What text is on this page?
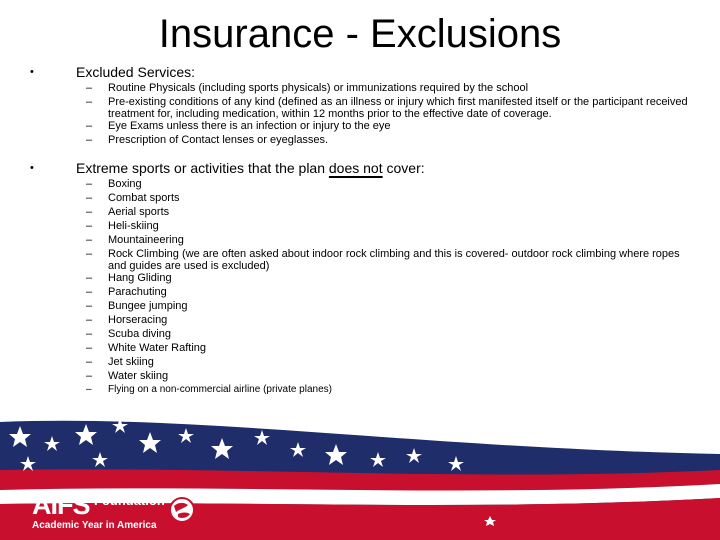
Insurance - Exclusions
•	Excluded Services:
– Routine Physicals (including sports physicals) or immunizations required by the school
– Pre-existing conditions of any kind (defined as an illness or injury which first manifested itself or the participant received treatment for, including medication, within 12 months prior to the effective date of coverage.
– Eye Exams unless there is an infection or injury to the eye
– Prescription of Contact lenses or eyeglasses.
•	Extreme sports or activities that the plan does not cover:
– Boxing
– Combat sports
– Aerial sports
– Heli-skiing
– Mountaineering
– Rock Climbing (we are often asked about indoor rock climbing and this is covered- outdoor rock climbing where ropes and guides are used is excluded)
– Hang Gliding
– Parachuting
– Bungee jumping
– Horseracing
– Scuba diving
– White Water Rafting
– Jet skiing
– Water skiing
– Flying on a non-commercial airline (private planes)
AIFS Foundation
Academic Year in America
